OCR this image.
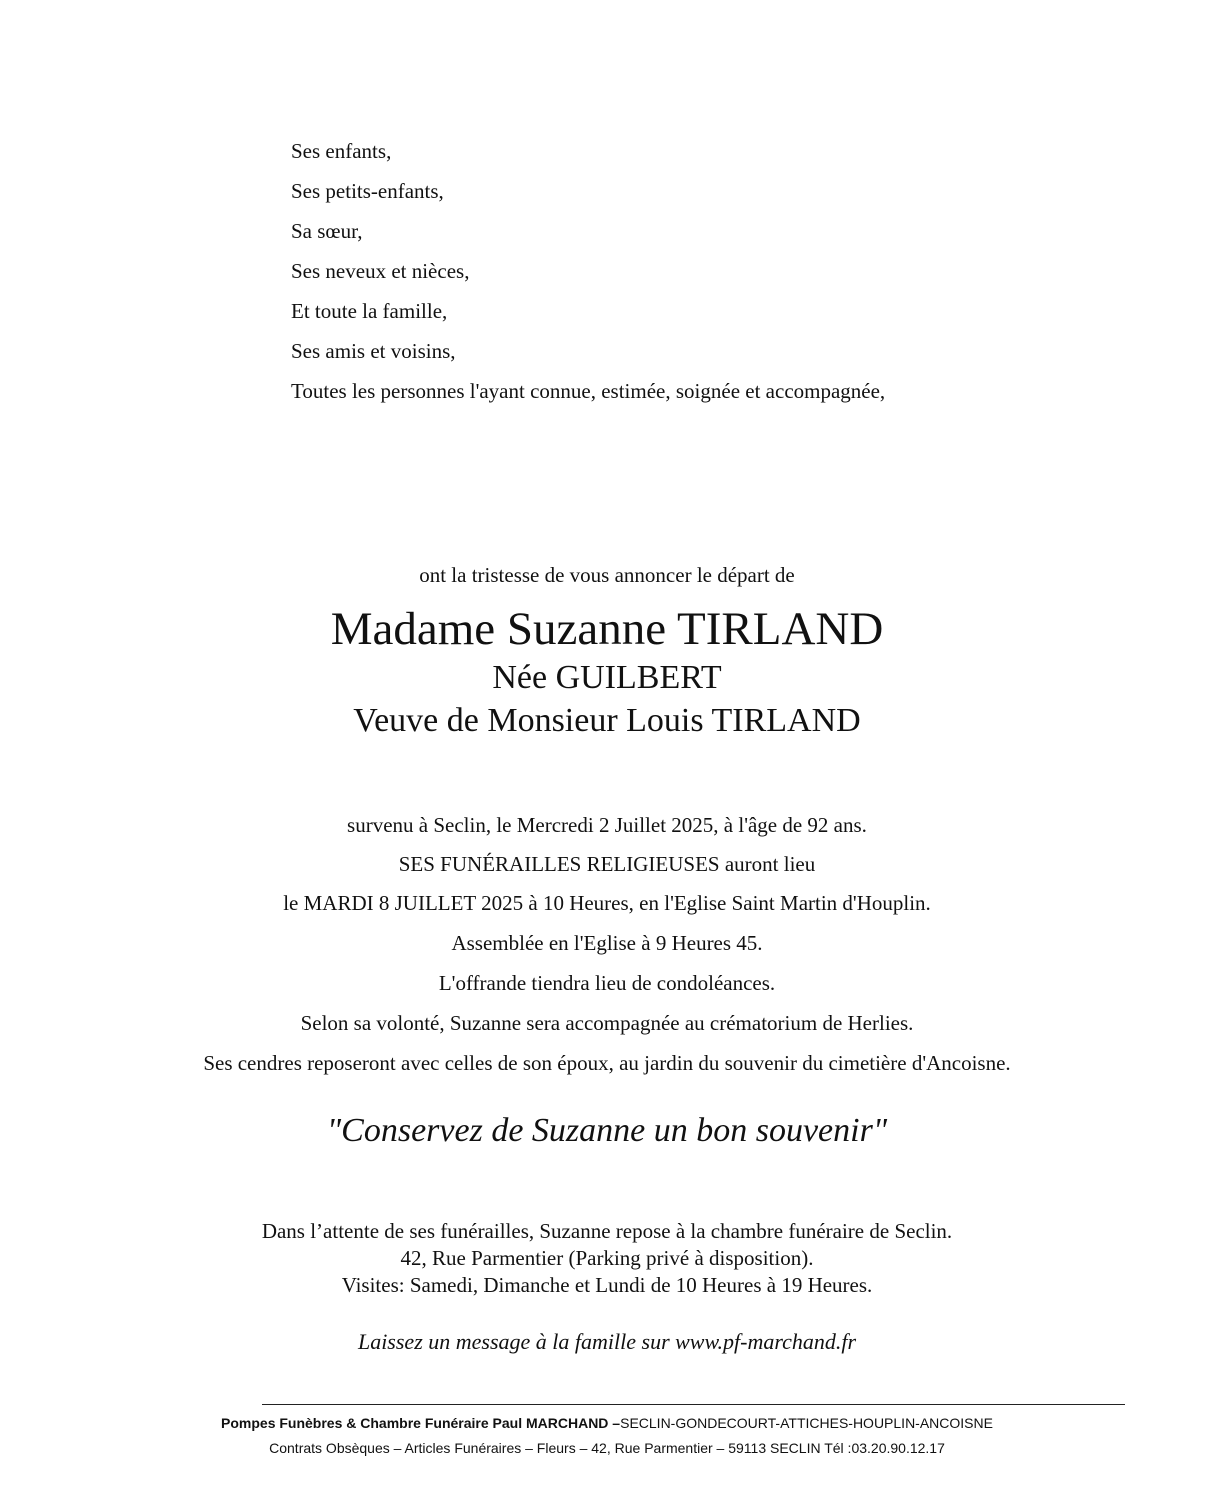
Ses enfants,
Ses petits-enfants,
Sa sœur,
Ses neveux et nièces,
Et toute la famille,
Ses amis et voisins,
Toutes les personnes l'ayant connue, estimée, soignée et accompagnée,
ont la tristesse de vous annoncer le départ de
Madame Suzanne TIRLAND
Née GUILBERT
Veuve de Monsieur Louis TIRLAND
survenu à Seclin, le Mercredi 2 Juillet 2025, à l'âge de 92 ans.
SES FUNÉRAILLES RELIGIEUSES auront lieu
le MARDI 8 JUILLET 2025 à 10 Heures, en l'Eglise Saint Martin d'Houplin.
Assemblée en l'Eglise à 9 Heures 45.
L'offrande tiendra lieu de condoléances.
Selon sa volonté, Suzanne sera accompagnée au crématorium de Herlies.
Ses cendres reposeront avec celles de son époux, au jardin du souvenir du cimetière d'Ancoisne.
"Conservez de Suzanne un bon souvenir"
Dans l’attente de ses funérailles, Suzanne repose à la chambre funéraire de Seclin.
42, Rue Parmentier (Parking privé à disposition).
Visites: Samedi, Dimanche et Lundi de 10 Heures à 19 Heures.
Laissez un message à la famille sur www.pf-marchand.fr
Pompes Funèbres & Chambre Funéraire Paul MARCHAND –SECLIN-GONDECOURT-ATTICHES-HOUPLIN-ANCOISNE
Contrats Obsèques – Articles Funéraires – Fleurs – 42, Rue Parmentier – 59113 SECLIN Tél :03.20.90.12.17
